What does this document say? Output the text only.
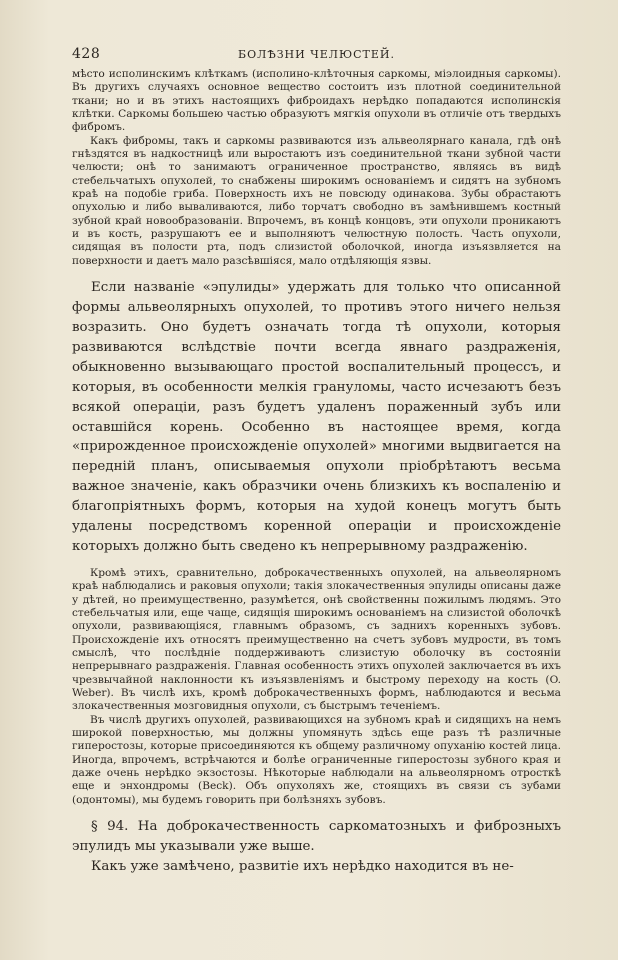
428	БОЛѢЗНИ ЧЕЛЮСТЕЙ.

мѣсто исполинскимъ клѣткамъ (исполино-клѣточныя саркомы, міэлоидныя саркомы). Въ другихъ случаяхъ основное вещество состоитъ изъ плотной соединительной ткани; но и въ этихъ настоящихъ фиброидахъ нерѣдко попадаются исполинскія клѣтки. Саркомы большею частью образуютъ мягкія опухоли въ отличіе отъ твердыхъ фибромъ.

Какъ фибромы, такъ и саркомы развиваются изъ альвеолярнаго канала, гдѣ онѣ гнѣздятся въ надкостницѣ или выростаютъ изъ соединительной ткани зубной части челюсти; онѣ то занимаютъ ограниченное пространство, являясь въ видѣ стебельчатыхъ опухолей, то снабжены широкимъ основаніемъ и сидятъ на зубномъ краѣ на подобіе гриба. Поверхность ихъ не повсюду одинакова. Зубы обрастаютъ опухолью и либо вываливаются, либо торчатъ свободно въ замѣнившемъ костный зубной край новообразованіи. Впрочемъ, въ концѣ концовъ, эти опухоли проникаютъ и въ кость, разрушаютъ ее и выполняютъ челюстную полость. Часть опухоли, сидящая въ полости рта, подъ слизистой оболочкой, иногда изъязвляется на поверхности и даетъ мало разсѣвшіяся, мало отдѣляющія язвы.

Если названіе «эпулиды» удержать для только что описанной формы альвеолярныхъ опухолей, то противъ этого ничего нельзя возразить. Оно будетъ означать тогда тѣ опухоли, которыя развиваются вслѣдствіе почти всегда явнаго раздраженія, обыкновенно вызывающаго простой воспалительный процессъ, и которыя, въ особенности мелкія грануломы, часто исчезаютъ безъ всякой операціи, разъ будетъ удаленъ пораженный зубъ или оставшійся корень. Особенно въ настоящее время, когда «прирожденное происхожденіе опухолей» многими выдвигается на передній планъ, описываемыя опухоли пріобрѣтаютъ весьма важное значеніе, какъ образчики очень близкихъ къ воспаленію и благопріятныхъ формъ, которыя на худой конецъ могутъ быть удалены посредствомъ коренной операціи и происхожденіе которыхъ должно быть сведено къ непрерывному раздраженію.

Кромѣ этихъ, сравнительно, доброкачественныхъ опухолей, на альвеолярномъ краѣ наблюдались и раковыя опухоли; такія злокачественныя эпулиды описаны даже у дѣтей, но преимущественно, разумѣется, онѣ свойственны пожилымъ людямъ. Это стебельчатыя или, еще чаще, сидящія широкимъ основаніемъ на слизистой оболочкѣ опухоли, развивающіяся, главнымъ образомъ, съ заднихъ коренныхъ зубовъ. Происхожденіе ихъ относятъ преимущественно на счетъ зубовъ мудрости, въ томъ смыслѣ, что послѣдніе поддерживаютъ слизистую оболочку въ состояніи непрерывнаго раздраженія. Главная особенность этихъ опухолей заключается въ ихъ чрезвычайной наклонности къ изъязвленіямъ и быстрому переходу на кость (O. Weber). Въ числѣ ихъ, кромѣ доброкачественныхъ формъ, наблюдаются и весьма злокачественныя мозговидныя опухоли, съ быстрымъ теченіемъ.

Въ числѣ другихъ опухолей, развивающихся на зубномъ краѣ и сидящихъ на немъ широкой поверхностью, мы должны упомянуть здѣсь еще разъ тѣ различные гиперостозы, которые присоединяются къ общему различному опуханію костей лица. Иногда, впрочемъ, встрѣчаются и болѣе ограниченные гиперостозы зубного края и даже очень нерѣдко экзостозы. Нѣкоторые наблюдали на альвеолярномъ отросткѣ еще и энхондромы (Beck). Объ опухоляхъ же, стоящихъ въ связи съ зубами (одонтомы), мы будемъ говорить при болѣзняхъ зубовъ.

§ 94. На доброкачественность саркоматозныхъ и фиброзныхъ эпулидъ мы указывали уже выше.

Какъ уже замѣчено, развитіе ихъ нерѣдко находится въ не-
